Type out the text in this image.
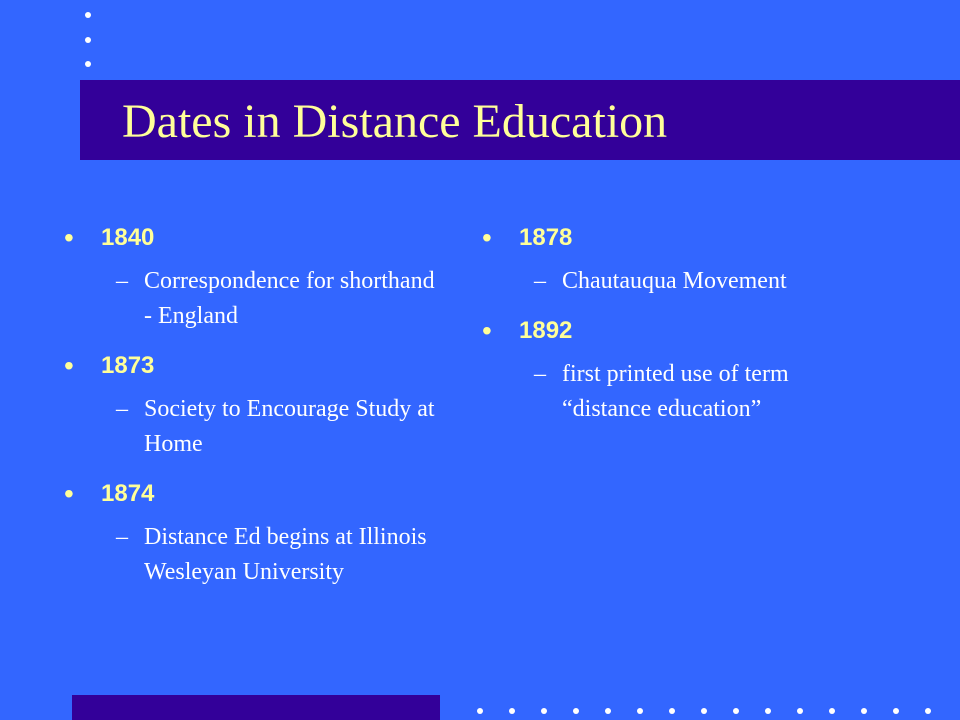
Dates in Distance Education
• 1840
– Correspondence for shorthand - England
• 1873
– Society to Encourage Study at Home
• 1874
– Distance Ed begins at Illinois Wesleyan University
• 1878
– Chautauqua Movement
• 1892
– first printed use of term “distance education”
